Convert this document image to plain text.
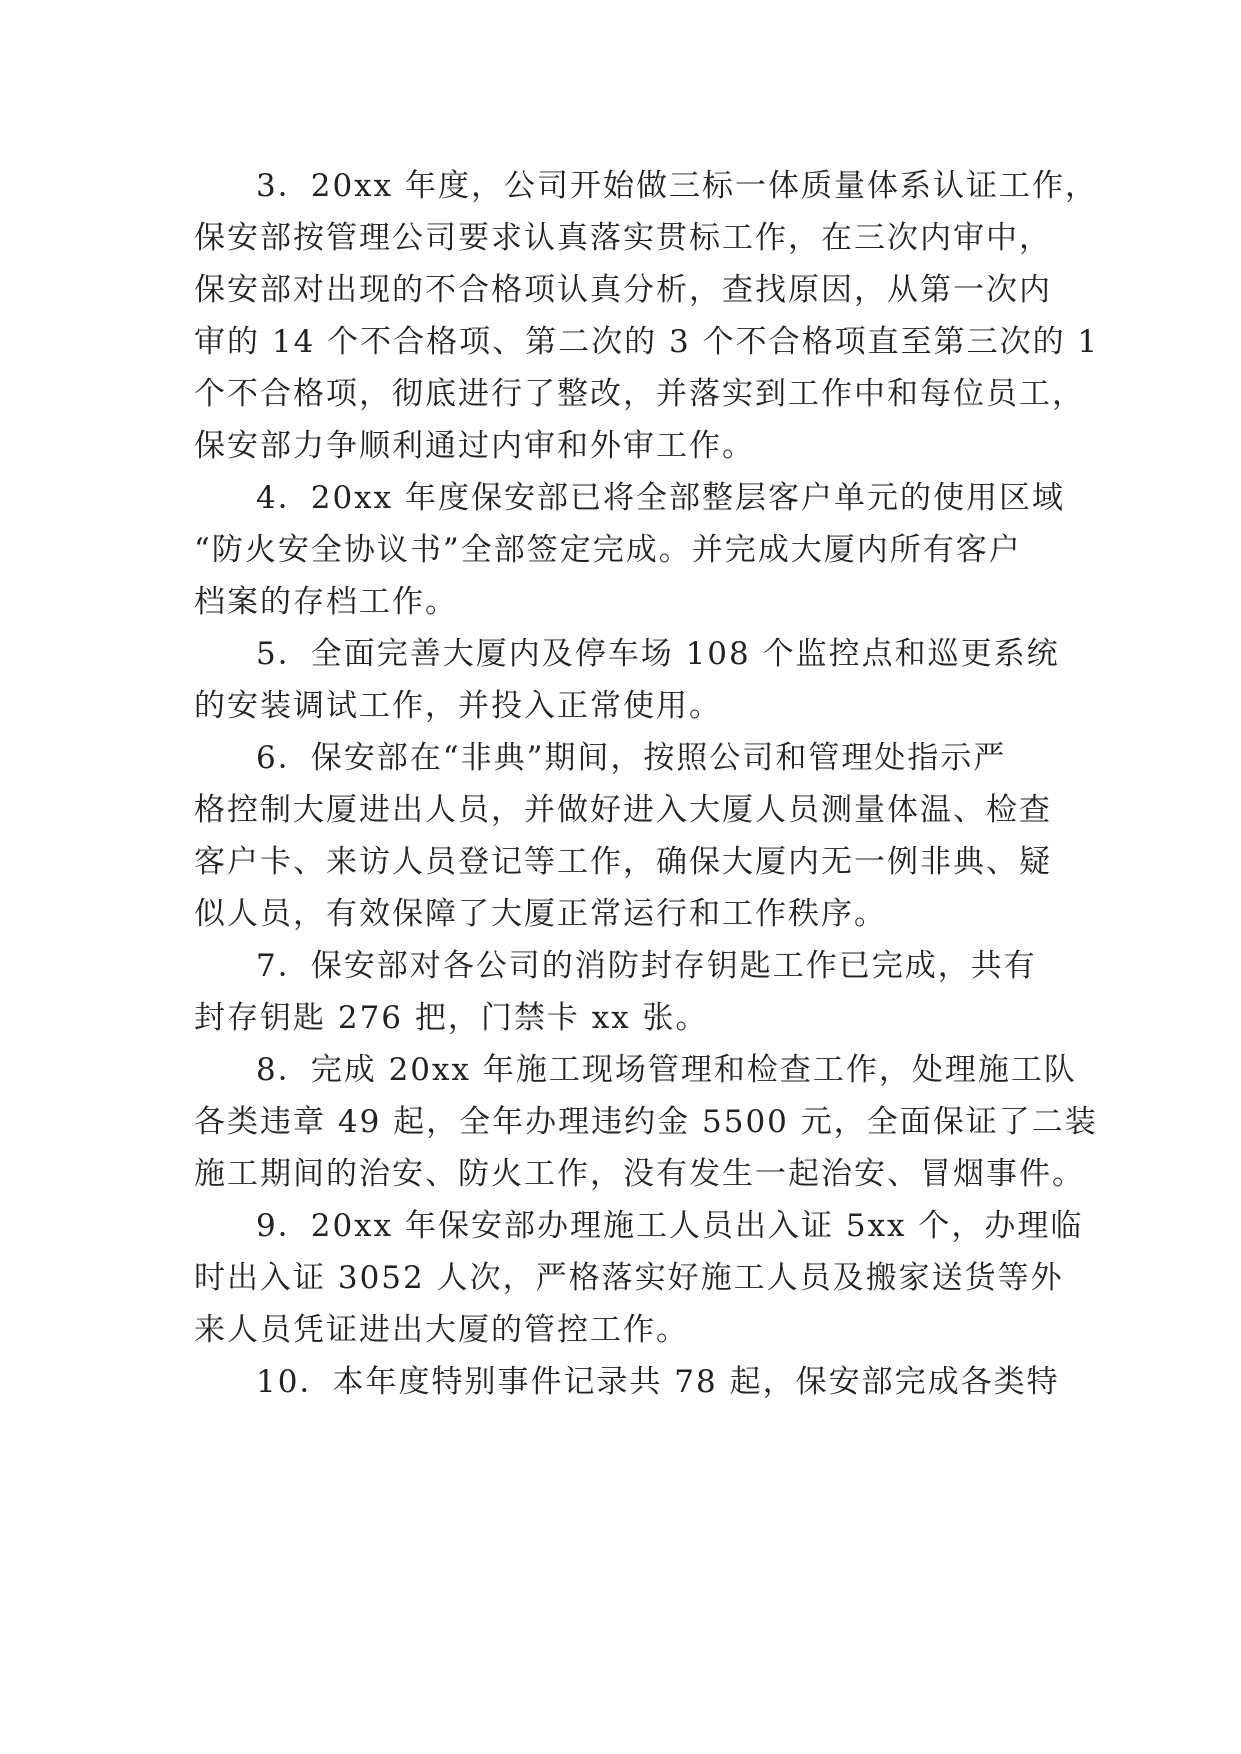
3．20xx 年度，公司开始做三标一体质量体系认证工作，

保安部按管理公司要求认真落实贯标工作，在三次内审中，

保安部对出现的不合格项认真分析，查找原因，从第一次内

审的 14 个不合格项、第二次的 3 个不合格项直至第三次的 1

个不合格项，彻底进行了整改，并落实到工作中和每位员工，

保安部力争顺利通过内审和外审工作。

4．20xx 年度保安部已将全部整层客户单元的使用区域

“防火安全协议书”全部签定完成。并完成大厦内所有客户

档案的存档工作。

5．全面完善大厦内及停车场 108 个监控点和巡更系统

的安装调试工作，并投入正常使用。

6．保安部在“非典”期间，按照公司和管理处指示严

格控制大厦进出人员，并做好进入大厦人员测量体温、检查

客户卡、来访人员登记等工作，确保大厦内无一例非典、疑

似人员，有效保障了大厦正常运行和工作秩序。

7．保安部对各公司的消防封存钥匙工作已完成，共有

封存钥匙 276 把，门禁卡 xx 张。

8．完成 20xx 年施工现场管理和检查工作，处理施工队

各类违章 49 起，全年办理违约金 5500 元，全面保证了二装

施工期间的治安、防火工作，没有发生一起治安、冒烟事件。

9．20xx 年保安部办理施工人员出入证 5xx 个，办理临

时出入证 3052 人次，严格落实好施工人员及搬家送货等外

来人员凭证进出大厦的管控工作。

10．本年度特别事件记录共 78 起，保安部完成各类特
